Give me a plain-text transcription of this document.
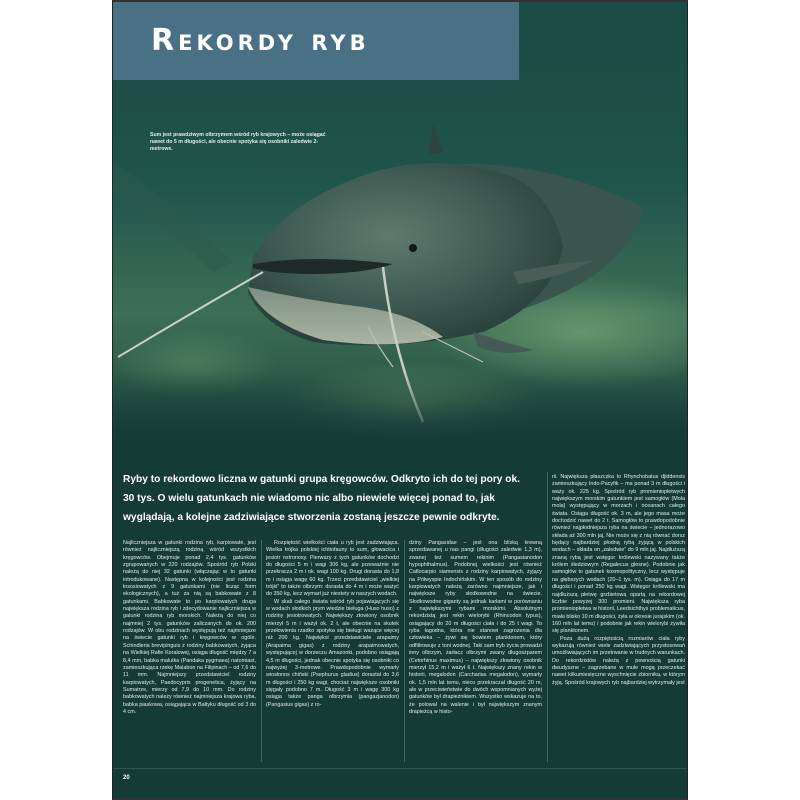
Rekordy ryb
Sum jest prawdziwym olbrzymem wśród ryb krajowych – może osiągać nawet do 5 m długości, ale obecnie spotyka się osobniki zaledwie 2-metrowe.
Ryby to rekordowo liczna w gatunki grupa kręgowców. Odkryto ich do tej pory ok. 30 tys. O wielu gatunkach nie wiadomo nic albo niewiele więcej ponad to, jak wyglądają, a kolejne zadziwiające stworzenia zostaną jeszcze pewnie odkryte.

Najliczniejsza w gatunki rodzina ryb, karpiowate, jest również najliczniejszą rodziną wśród wszystkich kręgowców. Obejmuje ponad 2,4 tys. gatunków zgrupowanych w 220 rodzajów. Spośród ryb Polski należą do niej 32 gatunki (włączając w to gatunki introdukowane). Następna w kolejności jest rodzina łososiowatych z 9 gatunkami (nie licząc form ekologicznych), a tuż za nią są babkowate z 8 gatunkami. Babkowate to po karpiowatych druga największa rodzina ryb i zdecydowanie najliczniejsza w gatunki rodzina ryb morskich. Należą do niej co najmniej 2 tys. gatunków zaliczanych do ok. 200 rodzajów. W obu rodzinach występują też najmniejsze na świecie gatunki ryb i kręgowców w ogóle. Schindleria brevipinguis z rodziny babkowatych, żyjąca na Wielkiej Rafie Koralowej, osiąga długość między 7 a 8,4 mm, babka malutka (Pandaka pygmaea) natomiast, zamieszkująca rzekę Malabon na Filipinach – od 7,6 do 11 mm. Najmniejszy przedstawiciel rodziny karpiowatych, Paedocypris progenetica, żyjący na Sumatrze, mierzy od 7,9 do 10 mm. Do rodziny babkowatych należy również najmniejsza krajowa ryba, babka piaskowa, osiągająca w Bałtyku długość od 3 do 4 cm.

Rozpiętość wielkości ciała u ryb jest zadziwiająca. Wielka trójka polskiej ichtiofauny to sum, głowacica i jesiotr ostronosy. Pierwszy z tych gatunków dochodzi do długości 5 m i wagi 306 kg, ale przeważnie nie przekracza 2 m i ok. wagi 100 kg. Drugi dorasta do 1,8 m i osiąga wagę 60 kg. Trzeci przedstawiciel „wielkiej trójki” to także olbrzym: dorasta do 4 m i może ważyć do 350 kg, lecz wymarł już niestety w naszych wodach.

W skali całego świata wśród ryb pojawiających się w wodach słodkich prym wiedzie bieługa (Huso huso) z rodziny jesiotrowatych. Największy złowiony osobnik mierzył 5 m i ważył ok. 2 t, ale obecnie na skutek przełowienia rzadko spotyka się bieługi ważące więcej niż 200 kg. Najwięksi przedstawiciele arapaimy (Arapaima gigas) z rodziny arapaimowatych, występującej w dorzeczu Amazonki, podobno osiągają 4,5 m długości, jednak obecnie spotyka się osobniki co najwyżej 3-metrowe. Prawdopodobnie wymarły wiosłonos chiński (Psephurus gladius) dorastał do 3,6 m długości i 250 kg wagi, chociaż największe osobniki sięgały podobno 7 m. Długość 3 m i wagę 300 kg osiąga także panga olbrzymia (pangazjanodon) (Pangasius gigas) z ro-

dziny Pangasidae – jest ona bliską krewną sprzedawanej u nas pangi (długości zaledwie 1,3 m), zwanej też sumem rekinim (Pangasianodon hypophthalmus). Podobnej wielkości jest również Catlocarpio siamensis z rodziny karpiowatych, żyjący na Półwyspie Indochińskim. W ten sposób do rodziny karpiowatych należą zarówno najmniejsze, jak i największe ryby słodkowodne na świecie. Słodkowodne giganty są jednak karłami w porównaniu z największymi rybami morskimi. Absolutnym rekordzistą jest rekin wielorybi (Rhincodon typus), osiągający do 20 m długości ciała i do 25 t wagi. To ryba łagodna, która nie stanowi zagrożenia dla człowieka – żywi się bowiem planktonem, który odfiltrowuje z toni wodnej. Taki sam tryb życia prowadzi inny olbrzym, żarłacz olbrzymi zwany długoszparem (Cetorhinus maximus) – największy złowiony osobnik mierzył 15,2 m i ważył 6 t. Największy znany rekin w historii, megalodon (Carcharias megalodon), wymarły ok. 1,5 mln lat temu, nieco przekraczał długość 20 m, ale w przeciwieństwie do dwóch wspomnianych wyżej gatunków był drapieżnikiem. Wszystko wskazuje na to, że polował na walenie i był największym znanym drapieżcą w histo-

rii. Największa płaszczka to Rhynchobatus djiddensis zamieszkujący Indo-Pacyfik – ma ponad 3 m długości i waży ok. 225 kg. Spośród ryb promieniopłetwych największym morskim gatunkiem jest samogłów (Mola mola) występujący w morzach i oceanach całego świata. Osiąga długość ok. 3 m, ale jego masa może dochodzić nawet do 2 t. Samogłów to prawdopodobnie również najpłodniejsza ryba na świecie – jednorazowo składa aż 300 mln jaj. Nie może się z nią równać dorsz będący najbardziej płodną rybą żyjącą w polskich wodach – składa on „zaledwie” do 9 mln jaj. Najdłuższą znaną rybą jest wstęgor królewski nazywany także królem śledziowym (Regalecus glesne). Podobnie jak samogłów to gatunek kosmopolityczny, lecz występuje na głębszych wodach (20–1 tys. m). Osiąga do 17 m długości i ponad 250 kg wagi. Wstęgor królewski ma najdłuższą płetwę grzbietową opartą na rekordowej liczbie powyżej 300 promieni. Największa ryba promieniopłetwa w historii, Leedsichthys problematicus, miała blisko 10 m długości, żyła w okresie jurajskim (ok. 160 mln lat temu) i podobnie jak rekin wielorybi żywiła się planktonem.

Poza dużą rozpiętością rozmiarów ciała ryby wykazują również wiele zadziwiających przystosowań umożliwiających im przetrwanie w trudnych warunkach. Do rekordzistów należą z pewnością gatunki dwudyszne – zagrzebane w mule mogą przeczekać nawet kilkumiesięczne wyschnięcie zbiornika, w którym żyją. Spośród krajowych ryb najbardziej wytrzymały jest

20
